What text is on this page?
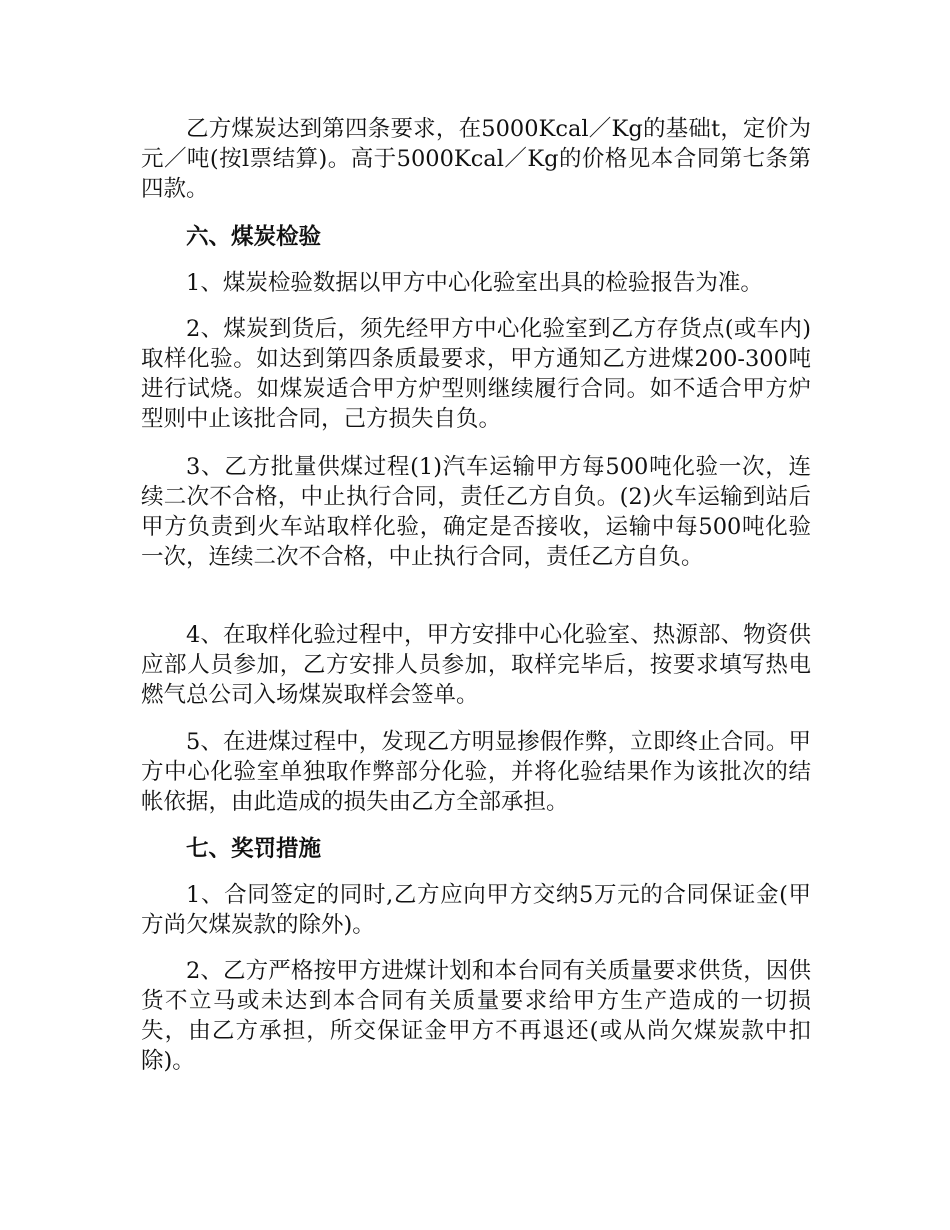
乙方煤炭达到第四条要求，在5000Kcal／Kg的基础t，定价为元／吨(按l票结算)。高于5000Kcal／Kg的价格见本合同第七条第四款。

六、煤炭检验

1、煤炭检验数据以甲方中心化验室出具的检验报告为准。

2、煤炭到货后，须先经甲方中心化验室到乙方存货点(或车内)取样化验。如达到第四条质最要求，甲方通知乙方进煤200-300吨进行试烧。如煤炭适合甲方炉型则继续履行合同。如不适合甲方炉型则中止该批合同，己方损失自负。

3、乙方批量供煤过程(1)汽车运输甲方每500吨化验一次，连续二次不合格，中止执行合同，责任乙方自负。(2)火车运输到站后甲方负责到火车站取样化验，确定是否接收，运输中每500吨化验一次，连续二次不合格，中止执行合同，责任乙方自负。

4、在取样化验过程中，甲方安排中心化验室、热源部、物资供应部人员参加，乙方安排人员参加，取样完毕后，按要求填写热电燃气总公司入场煤炭取样会签单。

5、在进煤过程中，发现乙方明显掺假作弊，立即终止合同。甲方中心化验室单独取作弊部分化验，并将化验结果作为该批次的结帐依据，由此造成的损失由乙方全部承担。

七、奖罚措施

1、合同签定的同时,乙方应向甲方交纳5万元的合同保证金(甲方尚欠煤炭款的除外)。

2、乙方严格按甲方进煤计划和本台同有关质量要求供货，因供货不立马或未达到本合同有关质量要求给甲方生产造成的一切损失，由乙方承担，所交保证金甲方不再退还(或从尚欠煤炭款中扣除)。
